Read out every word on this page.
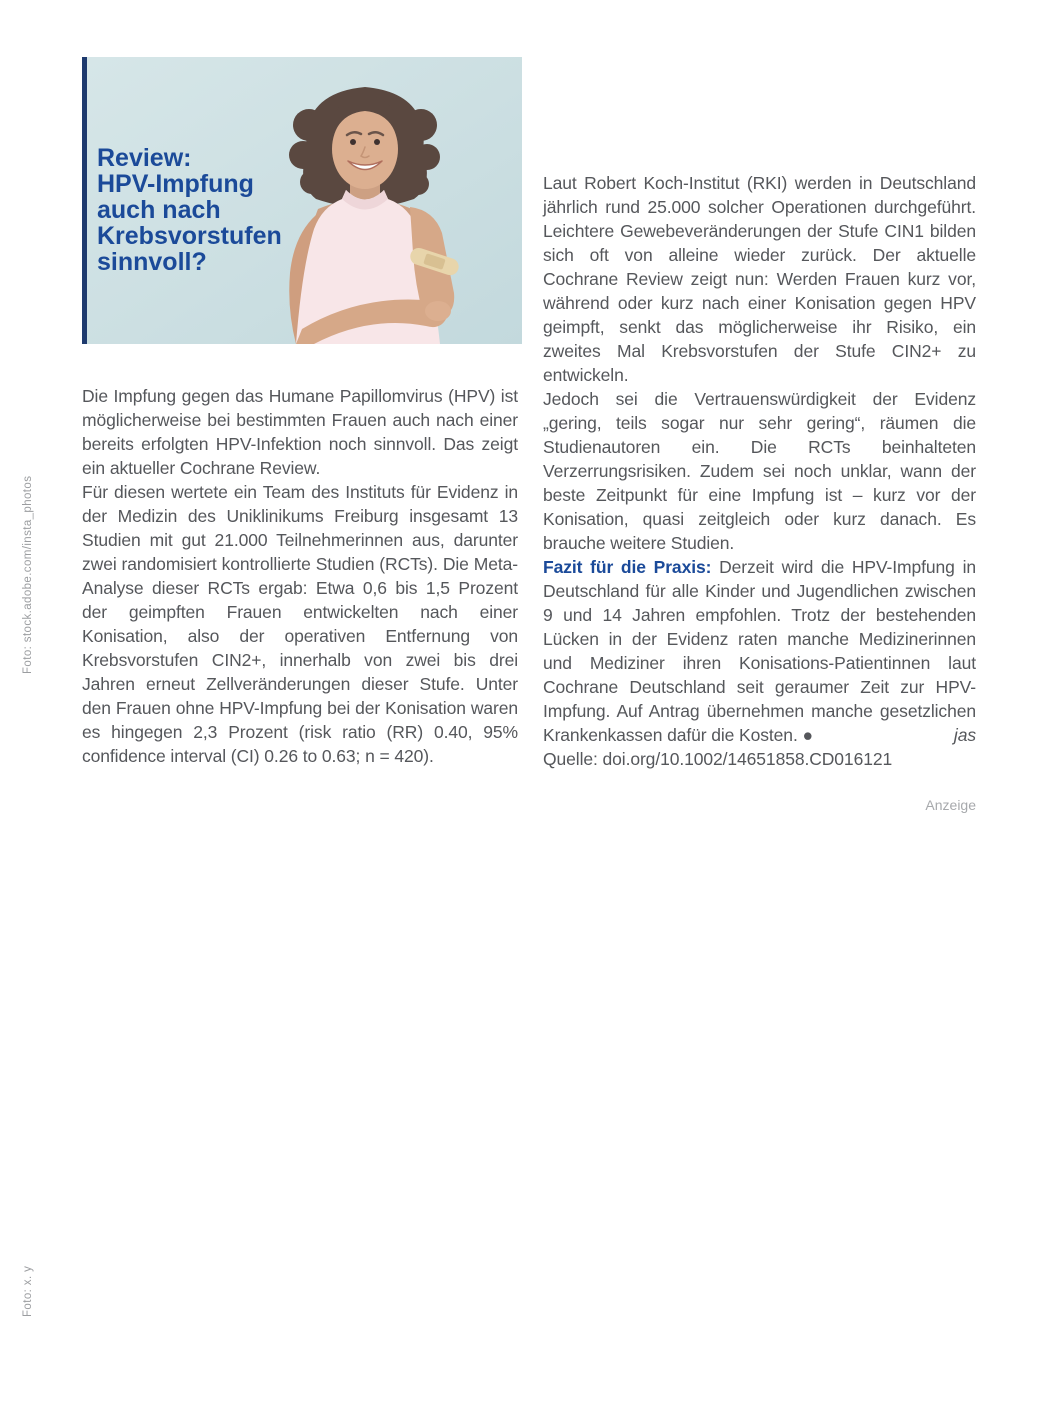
Review:
HPV-Impfung
auch nach
Krebsvorstufen
sinnvoll?

Die Impfung gegen das Humane Papillomvirus (HPV) ist möglicherweise bei bestimmten Frauen auch nach einer bereits erfolgten HPV-Infektion noch sinnvoll. Das zeigt ein aktueller Cochrane Review.

Für diesen wertete ein Team des Instituts für Evidenz in der Medizin des Uniklinikums Freiburg insgesamt 13 Studien mit gut 21.000 Teilnehmerinnen aus, darunter zwei randomisiert kontrollierte Studien (RCTs). Die Meta-Analyse dieser RCTs ergab: Etwa 0,6 bis 1,5 Prozent der geimpften Frauen entwickelten nach einer Konisation, also der operativen Entfernung von Krebsvorstufen CIN2+, innerhalb von zwei bis drei Jahren erneut Zellveränderungen dieser Stufe. Unter den Frauen ohne HPV-Impfung bei der Konisation waren es hingegen 2,3 Prozent (risk ratio (RR) 0.40, 95% confidence interval (CI) 0.26 to 0.63; n = 420).

Laut Robert Koch-Institut (RKI) werden in Deutschland jährlich rund 25.000 solcher Operationen durchgeführt. Leichtere Gewebeveränderungen der Stufe CIN1 bilden sich oft von alleine wieder zurück. Der aktuelle Cochrane Review zeigt nun: Werden Frauen kurz vor, während oder kurz nach einer Konisation gegen HPV geimpft, senkt das möglicherweise ihr Risiko, ein zweites Mal Krebsvorstufen der Stufe CIN2+ zu entwickeln.

Jedoch sei die Vertrauenswürdigkeit der Evidenz „gering, teils sogar nur sehr gering“, räumen die Studienautoren ein. Die RCTs beinhalteten Verzerrungsrisiken. Zudem sei noch unklar, wann der beste Zeitpunkt für eine Impfung ist – kurz vor der Konisation, quasi zeitgleich oder kurz danach. Es brauche weitere Studien.

Fazit für die Praxis: Derzeit wird die HPV-Impfung in Deutschland für alle Kinder und Jugendlichen zwischen 9 und 14 Jahren empfohlen. Trotz der bestehenden Lücken in der Evidenz raten manche Medizinerinnen und Mediziner ihren Konisations-Patientinnen laut Cochrane Deutschland seit geraumer Zeit zur HPV-Impfung. Auf Antrag übernehmen manche gesetzlichen Krankenkassen dafür die Kosten. ●	jas

Quelle: doi.org/10.1002/14651858.CD016121

Anzeige
Foto: stock.adobe.com/insta_photos
Foto: x. y
